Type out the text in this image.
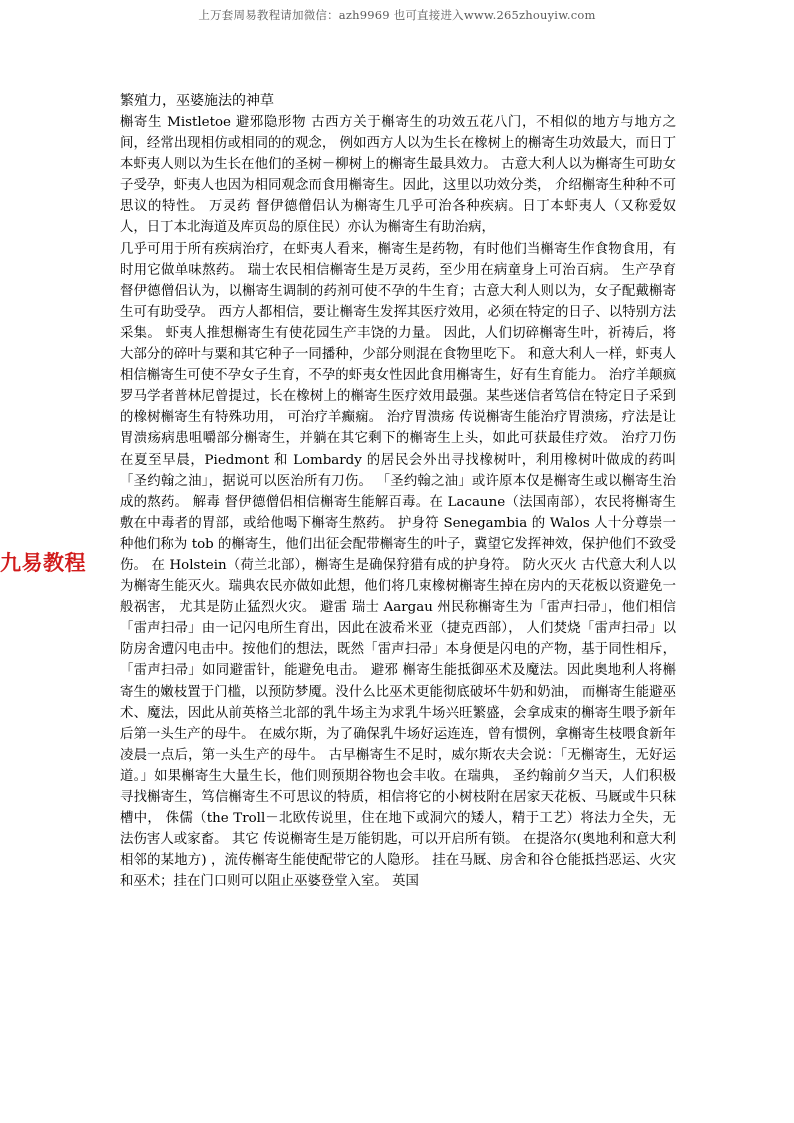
上万套周易教程请加微信：azh9969 也可直接进入www.265zhouyiw.com

繁殖力，巫婆施法的神草

槲寄生 Mistletoe 避邪隐形物 古西方关于槲寄生的功效五花八门，不相似的地方与地方之间，经常出现相仿或相同的的观念， 例如西方人以为生长在橡树上的槲寄生功效最大，而日丁本虾夷人则以为生长在他们的圣树－柳树上的槲寄生最具效力。 古意大利人以为槲寄生可助女子受孕，虾夷人也因为相同观念而食用槲寄生。因此，这里以功效分类， 介绍槲寄生种种不可思议的特性。 万灵药 督伊德僧侣认为槲寄生几乎可治各种疾病。日丁本虾夷人（又称爱奴人，日丁本北海道及库页岛的原住民）亦认为槲寄生有助治病，
几乎可用于所有疾病治疗，在虾夷人看来，槲寄生是药物，有时他们当槲寄生作食物食用，有时用它做单味熬药。 瑞士农民相信槲寄生是万灵药，至少用在病童身上可治百病。 生产孕育 督伊德僧侣认为，以槲寄生调制的药剂可使不孕的牛生育；古意大利人则以为，女子配戴槲寄生可有助受孕。 西方人都相信，要让槲寄生发挥其医疗效用，必须在特定的日子、以特别方法采集。 虾夷人推想槲寄生有使花园生产丰饶的力量。 因此，人们切碎槲寄生叶，祈祷后，将大部分的碎叶与粟和其它种子一同播种，少部分则混在食物里吃下。 和意大利人一样，虾夷人相信槲寄生可使不孕女子生育，不孕的虾夷女性因此食用槲寄生，好有生育能力。 治疗羊颠疯 罗马学者普林尼曾提过，长在橡树上的槲寄生医疗效用最强。某些迷信者笃信在特定日子采到的橡树槲寄生有特殊功用， 可治疗羊癫痫。 治疗胃溃疡 传说槲寄生能治疗胃溃疡，疗法是让胃溃疡病患咀嚼部分槲寄生，并躺在其它剩下的槲寄生上头，如此可获最佳疗效。 治疗刀伤 在夏至早晨，Piedmont 和 Lombardy 的居民会外出寻找橡树叶，利用橡树叶做成的药叫「圣约翰之油」，据说可以医治所有刀伤。 「圣约翰之油」或许原本仅是槲寄生或以槲寄生治成的熬药。 解毒 督伊德僧侣相信槲寄生能解百毒。在 Lacaune（法国南部），农民将槲寄生敷在中毒者的胃部，或给他喝下槲寄生熬药。 护身符 Senegambia 的 Walos 人十分尊崇一种他们称为 tob 的槲寄生，他们出征会配带槲寄生的叶子，冀望它发挥神效，保护他们不致受伤。 在 Holstein（荷兰北部），槲寄生是确保狩猎有成的护身符。 防火灭火 古代意大利人以为槲寄生能灭火。瑞典农民亦做如此想，他们将几束橡树槲寄生掉在房内的天花板以资避免一般祸害， 尤其是防止猛烈火灾。 避雷 瑞士 Aargau 州民称槲寄生为「雷声扫帚」，他们相信「雷声扫帚」由一记闪电所生育出，因此在波希米亚（捷克西部）， 人们焚烧「雷声扫帚」以防房舍遭闪电击中。按他们的想法，既然「雷声扫帚」本身便是闪电的产物，基于同性相斥，「雷声扫帚」如同避雷针，能避免电击。 避邪 槲寄生能抵御巫术及魔法。因此奥地利人将槲寄生的嫩枝置于门槛，以预防梦魇。没什么比巫术更能彻底破坏牛奶和奶油， 而槲寄生能避巫术、魔法，因此从前英格兰北部的乳牛场主为求乳牛场兴旺繁盛，会拿成束的槲寄生喂予新年后第一头生产的母牛。 在威尔斯，为了确保乳牛场好运连连，曾有惯例，拿槲寄生枝喂食新年凌晨一点后，第一头生产的母牛。 古早槲寄生不足时，威尔斯农夫会说：「无槲寄生，无好运道。」如果槲寄生大量生长，他们则预期谷物也会丰收。在瑞典， 圣约翰前夕当天，人们积极寻找槲寄生，笃信槲寄生不可思议的特质，相信将它的小树枝附在居家天花板、马厩或牛只秣槽中， 侏儒（the Troll－北欧传说里，住在地下或洞穴的矮人，精于工艺）将法力全失，无法伤害人或家畜。 其它 传说槲寄生是万能钥匙，可以开启所有锁。 在提洛尔(奥地利和意大利相邻的某地方) ，流传槲寄生能使配带它的人隐形。 挂在马厩、房舍和谷仓能抵挡恶运、火灾和巫术；挂在门口则可以阻止巫婆登堂入室。 英国
九易教程
